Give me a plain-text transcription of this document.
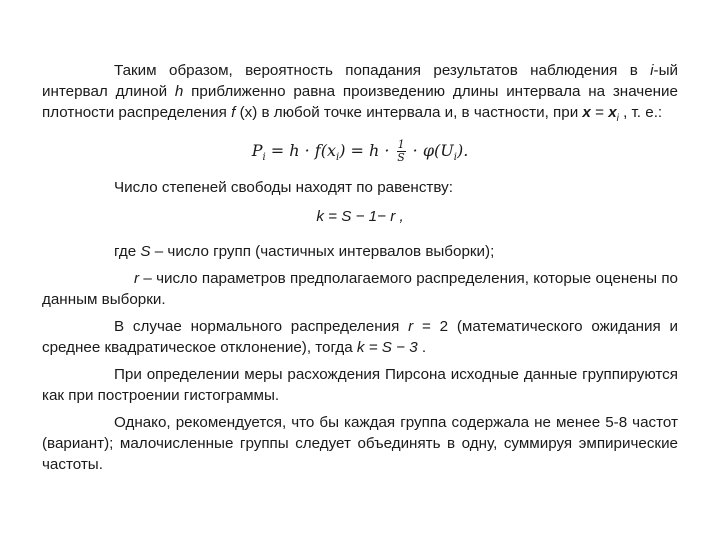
Таким образом, вероятность попадания результатов наблюдения в i-ый интервал длиной h приближенно равна произведению длины интервала на значение плотности распределения f (x) в любой точке интервала и, в частности, при $x = x_i$ , т. е.:

$P_i = h \cdot f(x_i) = h \cdot \frac{1}{S} \cdot \varphi(U_i)$.

Число степеней свободы находят по равенству:

k = S − 1− r ,

где S – число групп (частичных интервалов выборки);

r – число параметров предполагаемого распределения, которые оценены по данным выборки.

В случае нормального распределения r = 2 (математического ожидания и среднее квадратическое отклонение), тогда k = S − 3 .

При определении меры расхождения Пирсона исходные данные группируются как при построении гистограммы.

Однако, рекомендуется, что бы каждая группа содержала не менее 5-8 частот (вариант); малочисленные группы следует объединять в одну, суммируя эмпирические частоты.
